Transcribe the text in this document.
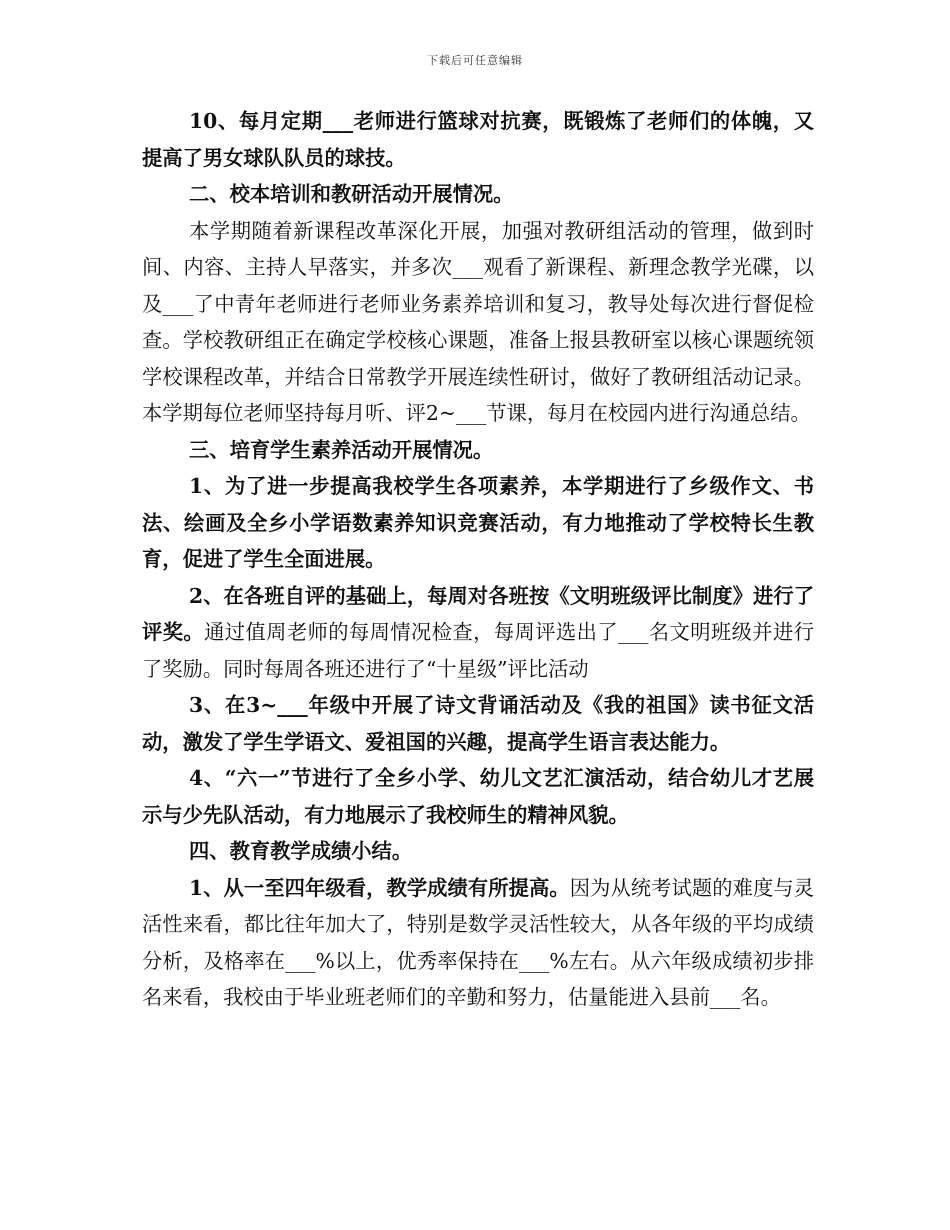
下载后可任意编辑

10、每月定期___老师进行篮球对抗赛，既锻炼了老师们的体魄，又提高了男女球队队员的球技。

二、校本培训和教研活动开展情况。

本学期随着新课程改革深化开展，加强对教研组活动的管理，做到时间、内容、主持人早落实，并多次___观看了新课程、新理念教学光碟，以及___了中青年老师进行老师业务素养培训和复习，教导处每次进行督促检查。学校教研组正在确定学校核心课题，准备上报县教研室以核心课题统领学校课程改革，并结合日常教学开展连续性研讨，做好了教研组活动记录。本学期每位老师坚持每月听、评2~___节课，每月在校园内进行沟通总结。

三、培育学生素养活动开展情况。

1、为了进一步提高我校学生各项素养，本学期进行了乡级作文、书法、绘画及全乡小学语数素养知识竞赛活动，有力地推动了学校特长生教育，促进了学生全面进展。

2、在各班自评的基础上，每周对各班按《文明班级评比制度》进行了评奖。通过值周老师的每周情况检查，每周评选出了___名文明班级并进行了奖励。同时每周各班还进行了“十星级”评比活动

3、在3~___年级中开展了诗文背诵活动及《我的祖国》读书征文活动，激发了学生学语文、爱祖国的兴趣，提高学生语言表达能力。

4、“六一”节进行了全乡小学、幼儿文艺汇演活动，结合幼儿才艺展示与少先队活动，有力地展示了我校师生的精神风貌。

四、教育教学成绩小结。

1、从一至四年级看，教学成绩有所提高。因为从统考试题的难度与灵活性来看，都比往年加大了，特别是数学灵活性较大，从各年级的平均成绩分析，及格率在___%以上，优秀率保持在___%左右。从六年级成绩初步排名来看，我校由于毕业班老师们的辛勤和努力，估量能进入县前___名。
